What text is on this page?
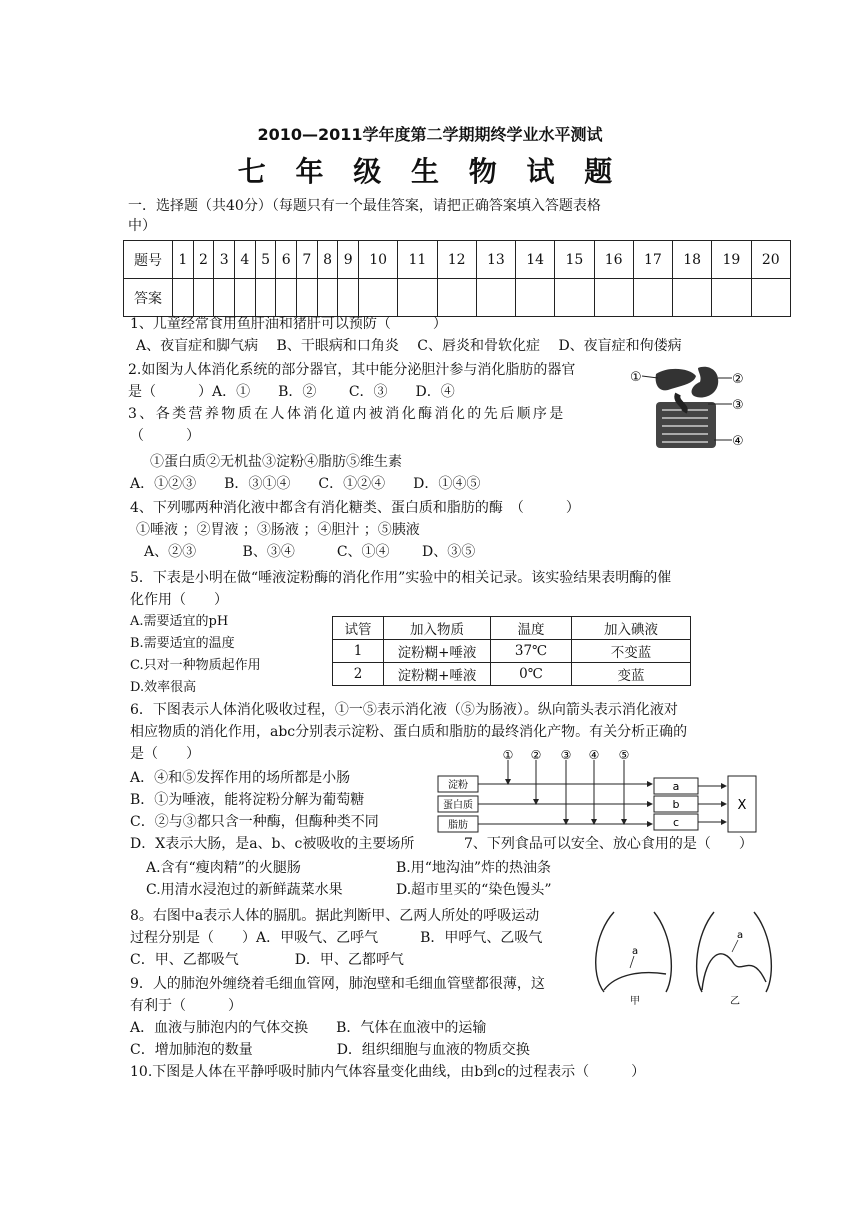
2010—2011学年度第二学期期终学业水平测试
七 年 级 生 物 试 题
一．选择题（共40分）（每题只有一个最佳答案，请把正确答案填入答题表格
中）
题号	1	2	3	4	5	6	7	8	9	10	11	12	13	14	15	16	17	18	19	20
答案																				
1、儿童经常食用鱼肝油和猪肝可以预防（　　　）
A、夜盲症和脚气病　 B、干眼病和口角炎　 C、唇炎和骨软化症　 D、夜盲症和佝偻病
2.如图为人体消化系统的部分器官，其中能分泌胆汁参与消化脂肪的器官
是（　　　）A．①　　B．②　　 C．③　　D．④
①	②
③
④
3、各类营养物质在人体消化道内被消化酶消化的先后顺序是
（　　　）
①蛋白质②无机盐③淀粉④脂肪⑤维生素
A．①②③　　B．③①④　　C．①②④　　D．①④⑤
4、下列哪两种消化液中都含有消化糖类、蛋白质和脂肪的酶　（　　　）
①唾液 ；②胃液 ；③肠液 ；④胆汁 ；⑤胰液
A、②③　　　 B、③④　　　C、①④　　 D、③⑤
5．下表是小明在做“唾液淀粉酶的消化作用”实验中的相关记录。该实验结果表明酶的催
化作用（　　）
A.需要适宜的pH
B.需要适宜的温度
C.只对一种物质起作用
D.效率很高
试管	加入物质	温度	加入碘液
1	淀粉糊+唾液	37℃	不变蓝
2	淀粉糊+唾液	0℃	变蓝
6．下图表示人体消化吸收过程，①一⑤表示消化液（⑤为肠液）。纵向箭头表示消化液对
相应物质的消化作用，abc分别表示淀粉、蛋白质和脂肪的最终消化产物。有关分析正确的
是（　　）
A．④和⑤发挥作用的场所都是小肠
B．①为唾液，能将淀粉分解为葡萄糖
C．②与③都只含一种酶，但酶种类不同
D．X表示大肠，是a、b、c被吸收的主要场所	7、下列食品可以安全、放心食用的是（　　）
淀粉
蛋白质
脂肪
① ② ③ ④ ⑤
a
b
c
X
A.含有“瘦肉精”的火腿肠	B.用“地沟油”炸的热油条
C.用清水浸泡过的新鲜蔬菜水果	D.超市里买的“染色馒头”
8。右图中a表示人体的膈肌。据此判断甲、乙两人所处的呼吸运动
过程分别是（　　）A．甲吸气、乙呼气　　　B．甲呼气、乙吸气
C．甲、乙都吸气　　　　D．甲、乙都呼气
a
甲
a
乙
9．人的肺泡外缠绕着毛细血管网，肺泡壁和毛细血管壁都很薄，这
有利于（　　　）
A．血液与肺泡内的气体交换　　B．气体在血液中的运输
C．增加肺泡的数量　　　　　　D．组织细胞与血液的物质交换
10.下图是人体在平静呼吸时肺内气体容量变化曲线，由b到c的过程表示（　　　）
